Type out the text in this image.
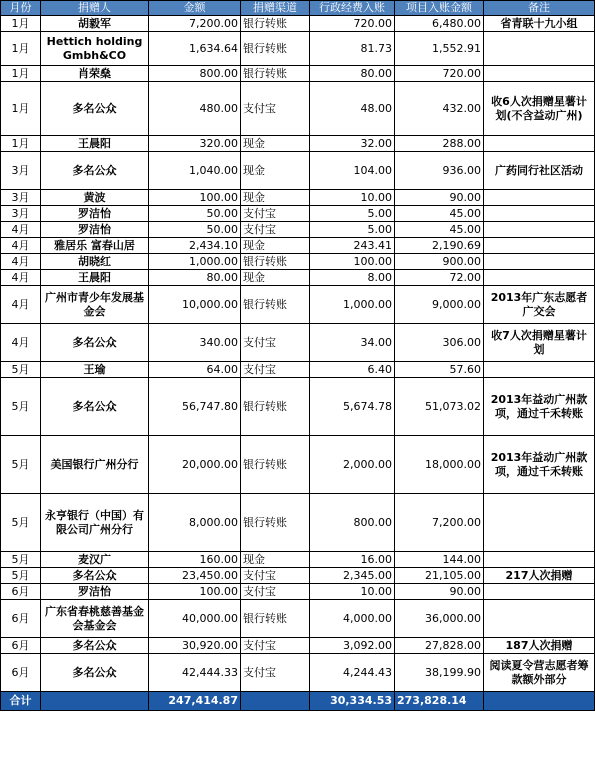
月份	捐赠人	金额	捐赠渠道	行政经费入账	项目入账金额	备注
1月	胡毅军	7,200.00	银行转账	720.00	6,480.00	省青联十九小组
1月	Hettich holding Gmbh&CO	1,634.64	银行转账	81.73	1,552.91	
1月	肖荣燊	800.00	银行转账	80.00	720.00	
1月	多名公众	480.00	支付宝	48.00	432.00	收6人次捐赠星薯计划(不含益动广州)
1月	王晨阳	320.00	现金	32.00	288.00	
3月	多名公众	1,040.00	现金	104.00	936.00	广药同行社区活动
3月	黄波	100.00	现金	10.00	90.00	
3月	罗洁怡	50.00	支付宝	5.00	45.00	
4月	罗洁怡	50.00	支付宝	5.00	45.00	
4月	雅居乐 富春山居	2,434.10	现金	243.41	2,190.69	
4月	胡晓红	1,000.00	银行转账	100.00	900.00	
4月	王晨阳	80.00	现金	8.00	72.00	
4月	广州市青少年发展基金会	10,000.00	银行转账	1,000.00	9,000.00	2013年广东志愿者广交会
4月	多名公众	340.00	支付宝	34.00	306.00	收7人次捐赠星薯计划
5月	王瑜	64.00	支付宝	6.40	57.60	
5月	多名公众	56,747.80	银行转账	5,674.78	51,073.02	2013年益动广州款项，通过千禾转账
5月	美国银行广州分行	20,000.00	银行转账	2,000.00	18,000.00	2013年益动广州款项，通过千禾转账
5月	永亨银行（中国）有限公司广州分行	8,000.00	银行转账	800.00	7,200.00	
5月	麦汉广	160.00	现金	16.00	144.00	
5月	多名公众	23,450.00	支付宝	2,345.00	21,105.00	217人次捐赠
6月	罗洁怡	100.00	支付宝	10.00	90.00	
6月	广东省春桃慈善基金会基金会	40,000.00	银行转账	4,000.00	36,000.00	
6月	多名公众	30,920.00	支付宝	3,092.00	27,828.00	187人次捐赠
6月	多名公众	42,444.33	支付宝	4,244.43	38,199.90	阅读夏令营志愿者筹款额外部分
合计		247,414.87		30,334.53	273,828.14	
